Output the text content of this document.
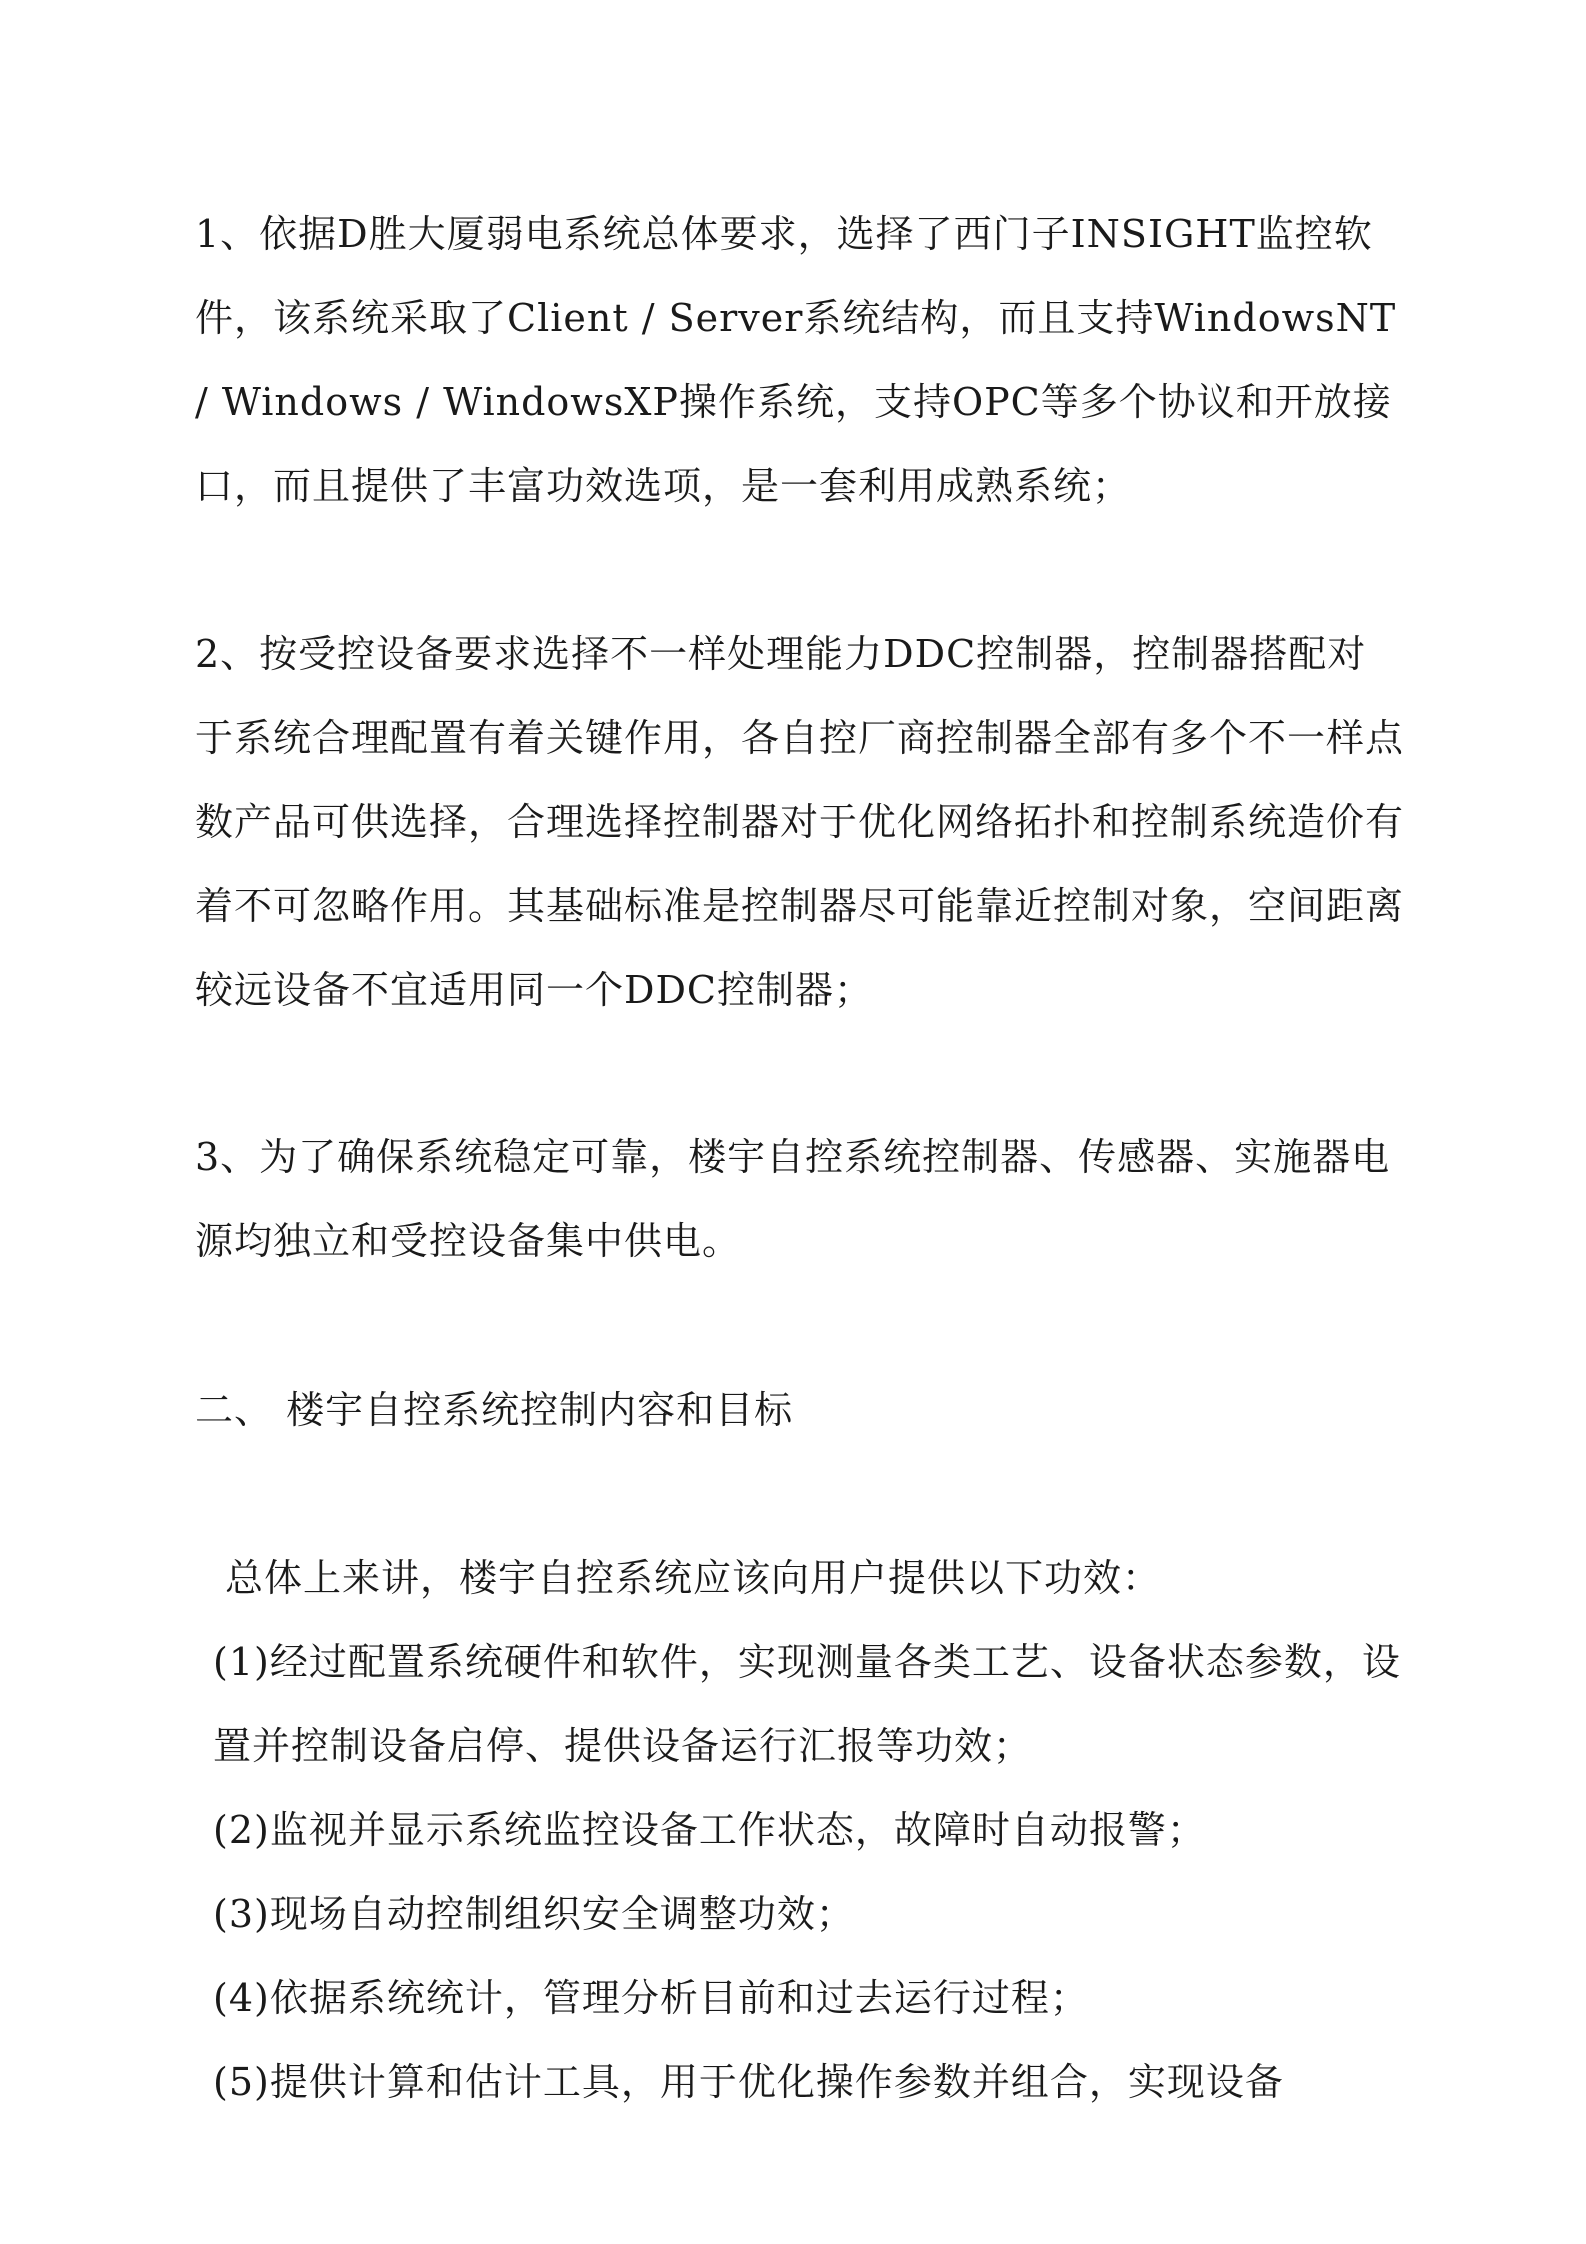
1、依据D胜大厦弱电系统总体要求，选择了西门子INSIGHT监控软件，该系统采取了Client / Server系统结构，而且支持WindowsNT / Windows / WindowsXP操作系统，支持OPC等多个协议和开放接口，而且提供了丰富功效选项，是一套利用成熟系统；

2、按受控设备要求选择不一样处理能力DDC控制器，控制器搭配对于系统合理配置有着关键作用，各自控厂商控制器全部有多个不一样点数产品可供选择，合理选择控制器对于优化网络拓扑和控制系统造价有着不可忽略作用。其基础标准是控制器尽可能靠近控制对象，空间距离较远设备不宜适用同一个DDC控制器；

3、为了确保系统稳定可靠，楼宇自控系统控制器、传感器、实施器电源均独立和受控设备集中供电。

二、 楼宇自控系统控制内容和目标

总体上来讲，楼宇自控系统应该向用户提供以下功效：

(1)经过配置系统硬件和软件，实现测量各类工艺、设备状态参数，设置并控制设备启停、提供设备运行汇报等功效；

(2)监视并显示系统监控设备工作状态，故障时自动报警；

(3)现场自动控制组织安全调整功效；

(4)依据系统统计，管理分析目前和过去运行过程；

(5)提供计算和估计工具，用于优化操作参数并组合，实现设备
